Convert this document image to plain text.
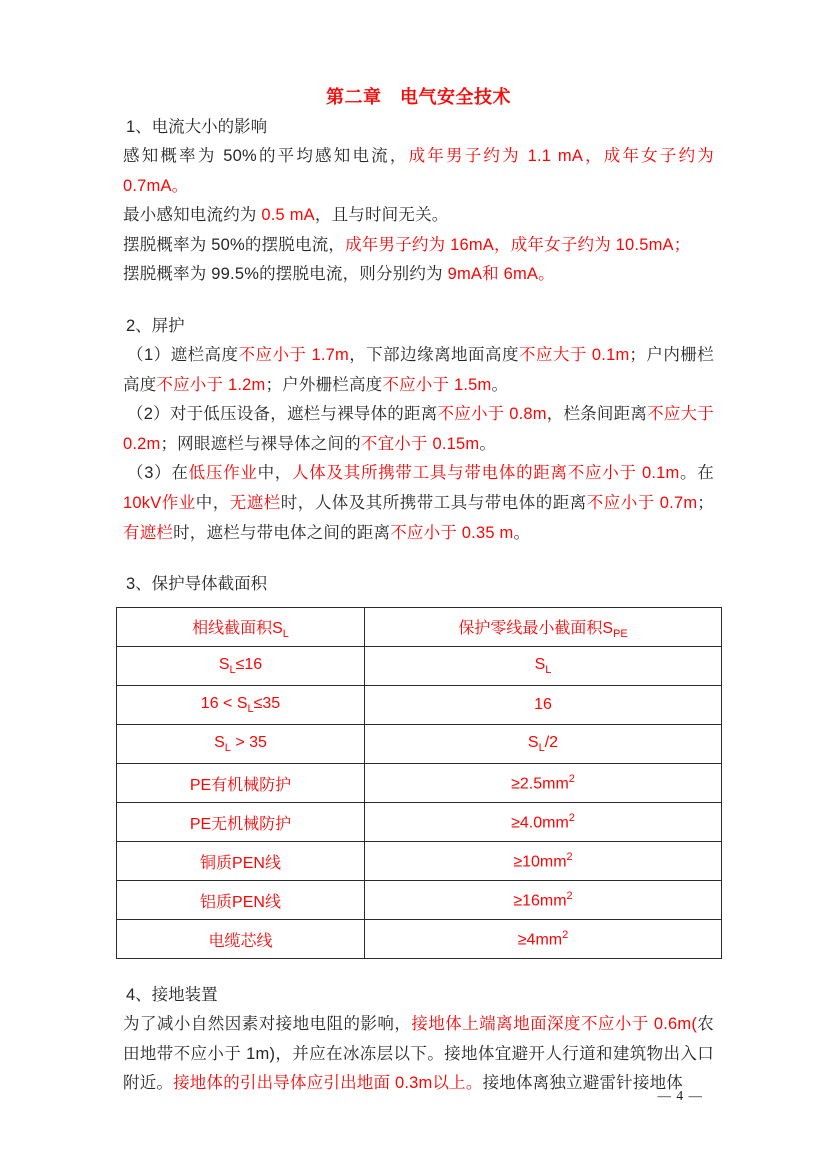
第二章　电气安全技术
1、电流大小的影响

感知概率为 50%的平均感知电流，成年男子约为 1.1 mA，成年女子约为 0.7mA。

最小感知电流约为 0.5 mA，且与时间无关。

摆脱概率为 50%的摆脱电流，成年男子约为 16mA，成年女子约为 10.5mA；

摆脱概率为 99.5%的摆脱电流，则分别约为 9mA和 6mA。

2、屏护

（1）遮栏高度不应小于 1.7m，下部边缘离地面高度不应大于 0.1m；户内栅栏高度不应小于 1.2m；户外栅栏高度不应小于 1.5m。

（2）对于低压设备，遮栏与裸导体的距离不应小于 0.8m，栏条间距离不应大于 0.2m；网眼遮栏与裸导体之间的不宜小于 0.15m。

（3）在低压作业中，人体及其所携带工具与带电体的距离不应小于 0.1m。在10kV作业中，无遮栏时，人体及其所携带工具与带电体的距离不应小于 0.7m；有遮栏时，遮栏与带电体之间的距离不应小于 0.35 m。

3、保护导体截面积
相线截面积$S_L$	保护零线最小截面积$S_{PE}$
$S_L\le 16$	$S_L$
$16 < S_L\le 35$	16
$S_L > 35$	$S_L/2$
PE有机械防护	$\ge 2.5mm^2$
PE无机械防护	$\ge 4.0mm^2$
铜质PEN线	$\ge 10mm^2$
铝质PEN线	$\ge 16mm^2$
电缆芯线	$\ge 4mm^2$
4、接地装置

为了减小自然因素对接地电阻的影响，接地体上端离地面深度不应小于 0.6m(农田地带不应小于 1m)，并应在冰冻层以下。接地体宜避开人行道和建筑物出入口附近。接地体的引出导体应引出地面 0.3m以上。接地体离独立避雷针接地体

— 4 —
